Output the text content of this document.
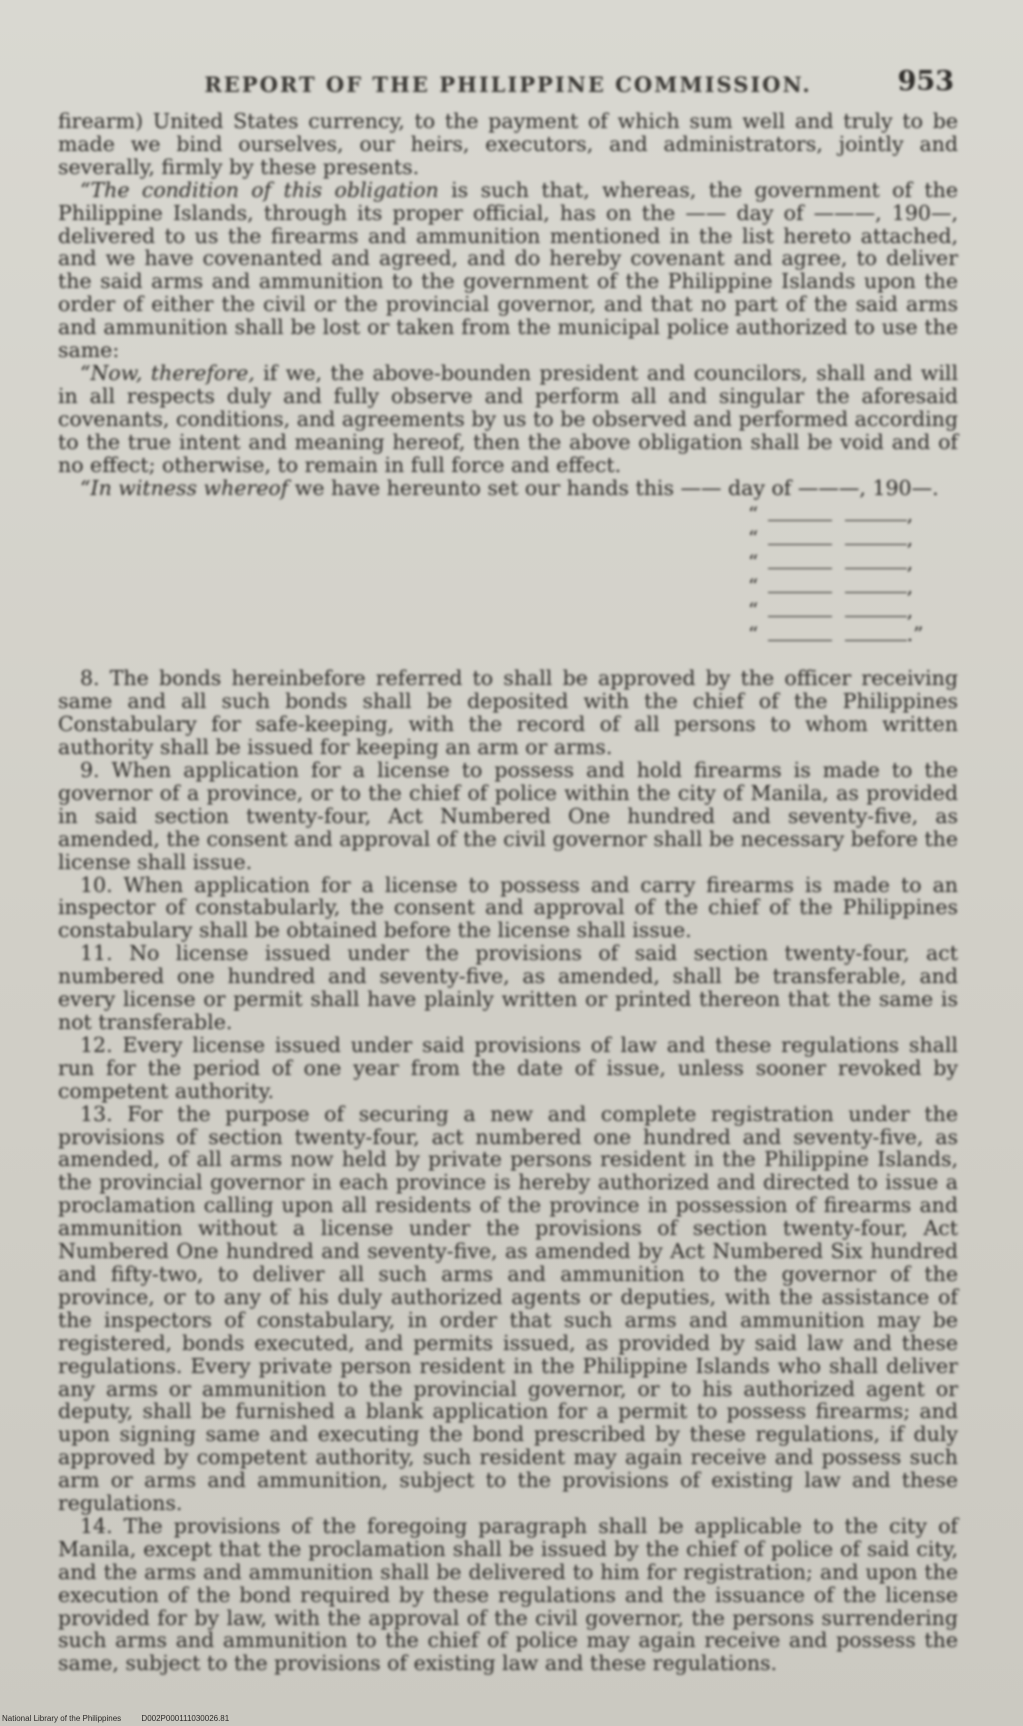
REPORT OF THE PHILIPPINE COMMISSION.	953

firearm) United States currency, to the payment of which sum well and truly to be made we bind ourselves, our heirs, executors, and administrators, jointly and severally, firmly by these presents.

“The condition of this obligation is such that, whereas, the government of the Philippine Islands, through its proper official, has on the —— day of ———, 190—, delivered to us the firearms and ammunition mentioned in the list hereto attached, and we have covenanted and agreed, and do hereby covenant and agree, to deliver the said arms and ammunition to the government of the Philippine Islands upon the order of either the civil or the provincial governor, and that no part of the said arms and ammunition shall be lost or taken from the municipal police authorized to use the same:

“Now, therefore, if we, the above-bounden president and councilors, shall and will in all respects duly and fully observe and perform all and singular the aforesaid covenants, conditions, and agreements by us to be observed and performed according to the true intent and meaning hereof, then the above obligation shall be void and of no effect; otherwise, to remain in full force and effect.

“In witness whereof we have hereunto set our hands this —— day of ———, 190—.

“	,
“	,
“	,
“	,
“	,
“	.”

8. The bonds hereinbefore referred to shall be approved by the officer receiving same and all such bonds shall be deposited with the chief of the Philippines Constabulary for safe-keeping, with the record of all persons to whom written authority shall be issued for keeping an arm or arms.

9. When application for a license to possess and hold firearms is made to the governor of a province, or to the chief of police within the city of Manila, as provided in said section twenty-four, Act Numbered One hundred and seventy-five, as amended, the consent and approval of the civil governor shall be necessary before the license shall issue.

10. When application for a license to possess and carry firearms is made to an inspector of constabularly, the consent and approval of the chief of the Philippines constabulary shall be obtained before the license shall issue.

11. No license issued under the provisions of said section twenty-four, act numbered one hundred and seventy-five, as amended, shall be transferable, and every license or permit shall have plainly written or printed thereon that the same is not transferable.

12. Every license issued under said provisions of law and these regulations shall run for the period of one year from the date of issue, unless sooner revoked by competent authority.

13. For the purpose of securing a new and complete registration under the provisions of section twenty-four, act numbered one hundred and seventy-five, as amended, of all arms now held by private persons resident in the Philippine Islands, the provincial governor in each province is hereby authorized and directed to issue a proclamation calling upon all residents of the province in possession of firearms and ammunition without a license under the provisions of section twenty-four, Act Numbered One hundred and seventy-five, as amended by Act Numbered Six hundred and fifty-two, to deliver all such arms and ammunition to the governor of the province, or to any of his duly authorized agents or deputies, with the assistance of the inspectors of constabulary, in order that such arms and ammunition may be registered, bonds executed, and permits issued, as provided by said law and these regulations. Every private person resident in the Philippine Islands who shall deliver any arms or ammunition to the provincial governor, or to his authorized agent or deputy, shall be furnished a blank application for a permit to possess firearms; and upon signing same and executing the bond prescribed by these regulations, if duly approved by competent authority, such resident may again receive and possess such arm or arms and ammunition, subject to the provisions of existing law and these regulations.

14. The provisions of the foregoing paragraph shall be applicable to the city of Manila, except that the proclamation shall be issued by the chief of police of said city, and the arms and ammunition shall be delivered to him for registration; and upon the execution of the bond required by these regulations and the issuance of the license provided for by law, with the approval of the civil governor, the persons surrendering such arms and ammunition to the chief of police may again receive and possess the same, subject to the provisions of existing law and these regulations.

National Library of the Philippines	D002P000111030026.81
